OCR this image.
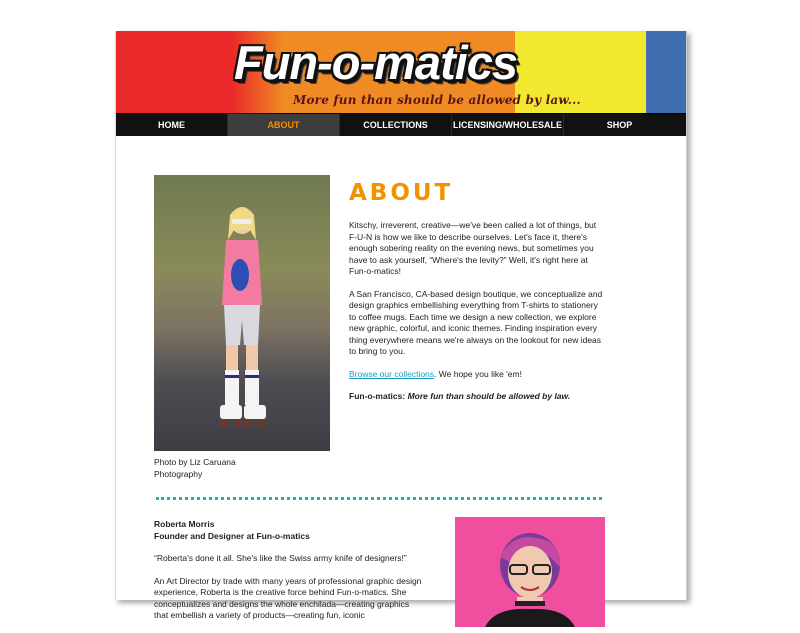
Fun-o-matics
More fun than should be allowed by law...
HOME	ABOUT	COLLECTIONS	LICENSING/WHOLESALE	SHOP
Photo by Liz Caruana
Photography
ABOUT

Kitschy, irreverent, creative—we've been called a lot of things, but F-U-N is how we like to describe ourselves. Let's face it, there's enough sobering reality on the evening news, but sometimes you have to ask yourself, “Where's the levity?” Well, it's right here at Fun-o-matics!

A San Francisco, CA-based design boutique, we conceptualize and design graphics embellishing everything from T-shirts to stationery to coffee mugs. Each time we design a new collection, we explore new graphic, colorful, and iconic themes. Finding inspiration every thing everywhere means we're always on the lookout for new ideas to bring to you.

Browse our collections. We hope you like 'em!

Fun-o-matics: More fun than should be allowed by law.

Roberta Morris
Founder and Designer at Fun-o-matics

“Roberta's done it all. She's like the Swiss army knife of designers!”

An Art Director by trade with many years of professional graphic design experience, Roberta is the creative force behind Fun-o-matics. She conceptualizes and designs the whole enchilada—creating graphics that embellish a variety of products—creating fun, iconic
